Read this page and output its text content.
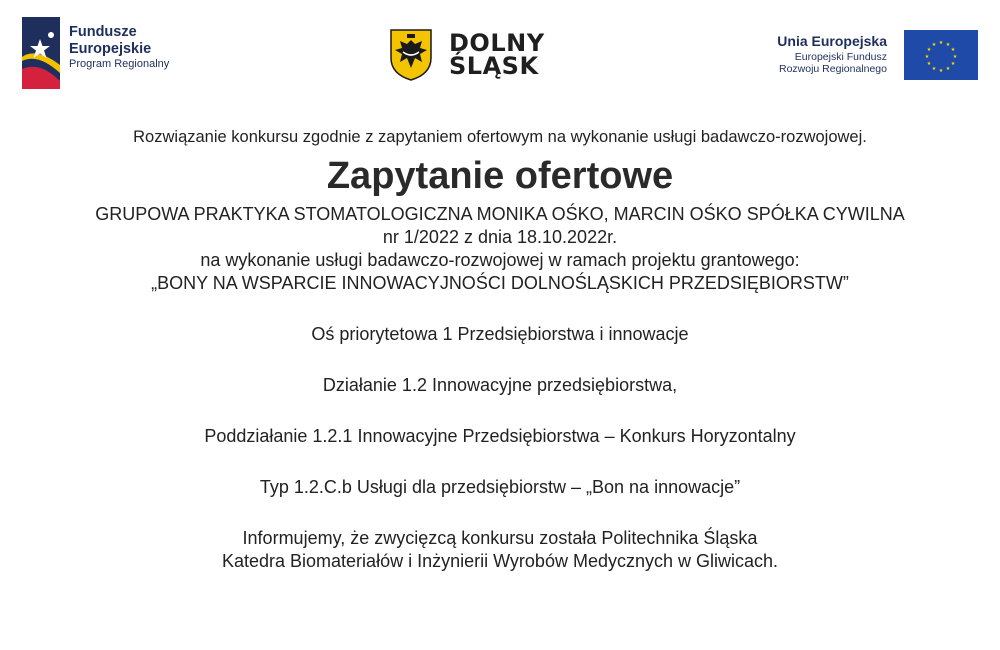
Fundusze
Europejskie
Program Regionalny
DOLNY
ŚLĄSK
Unia Europejska
Europejski Fundusz
Rozwoju Regionalnego
★ ★
★
★
★
★
★
★
★
★
★
★

Rozwiązanie konkursu zgodnie z zapytaniem ofertowym na wykonanie usługi badawczo-rozwojowej.

Zapytanie ofertowe

GRUPOWA PRAKTYKA STOMATOLOGICZNA MONIKA OŚKO, MARCIN OŚKO SPÓŁKA CYWILNA

nr 1/2022 z dnia 18.10.2022r.

na wykonanie usługi badawczo-rozwojowej w ramach projektu grantowego:

„BONY NA WSPARCIE INNOWACYJNOŚCI DOLNOŚLĄSKICH PRZEDSIĘBIORSTW”

Oś priorytetowa 1 Przedsiębiorstwa i innowacje

Działanie 1.2 Innowacyjne przedsiębiorstwa,

Poddziałanie 1.2.1 Innowacyjne Przedsiębiorstwa – Konkurs Horyzontalny

Typ 1.2.C.b Usługi dla przedsiębiorstw – „Bon na innowacje”

Informujemy, że zwycięzcą konkursu została Politechnika Śląska

Katedra Biomateriałów i Inżynierii Wyrobów Medycznych w Gliwicach.
